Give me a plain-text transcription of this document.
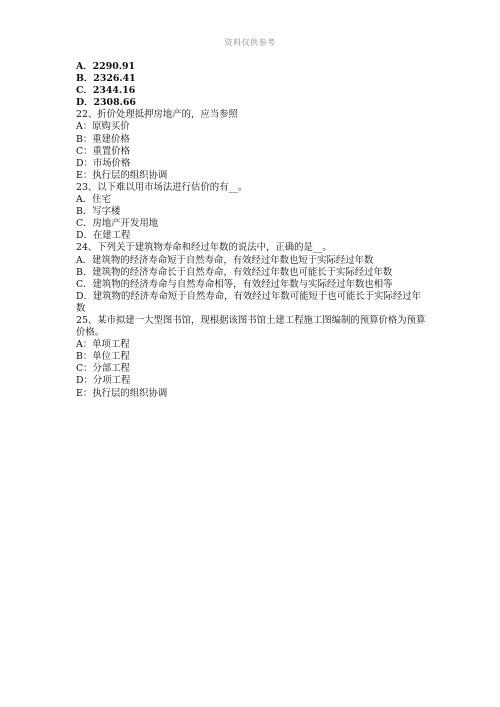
资料仅供参考
A．2290.91
B．2326.41
C．2344.16
D．2308.66
22、折价处理抵押房地产的，应当参照
A：原购买价
B：重建价格
C：重置价格
D：市场价格
E：执行层的组织协调
23、以下难以用市场法进行估价的有__。
A．住宅
B．写字楼
C．房地产开发用地
D．在建工程
24、下列关于建筑物寿命和经过年数的说法中，正确的是__。
A．建筑物的经济寿命短于自然寿命，有效经过年数也短于实际经过年数
B．建筑物的经济寿命长于自然寿命，有效经过年数也可能长于实际经过年数
C．建筑物的经济寿命与自然寿命相等，有效经过年数与实际经过年数也相等
D．建筑物的经济寿命短于自然寿命，有效经过年数可能短于也可能长于实际经过年数
25、某市拟建一大型图书馆，现根据该图书馆土建工程施工图编制的预算价格为预算价格。
A：单项工程
B：单位工程
C：分部工程
D：分项工程
E：执行层的组织协调
